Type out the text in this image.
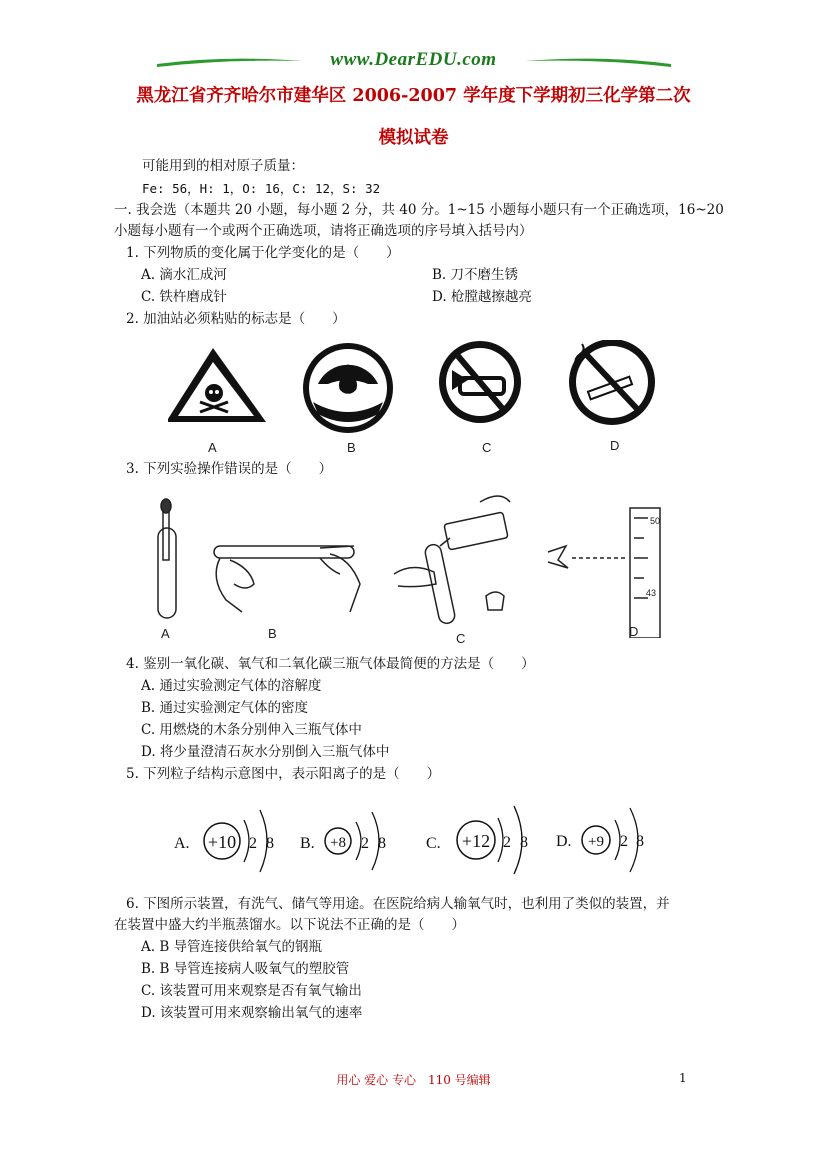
www.DearEDU.com
黑龙江省齐齐哈尔市建华区 2006-2007 学年度下学期初三化学第二次
模拟试卷
可能用到的相对原子质量：
Fe: 56，H: 1，O: 16，C: 12，S: 32
一. 我会选（本题共 20 小题，每小题 2 分，共 40 分。1~15 小题每小题只有一个正确选项，16~20
小题每小题有一个或两个正确选项，请将正确选项的序号填入括号内）
1. 下列物质的变化属于化学变化的是（　　）
A. 滴水汇成河	B. 刀不磨生锈
C. 铁杵磨成针	D. 枪膛越擦越亮
2. 加油站必须粘贴的标志是（　　）
A	B	C	D
3. 下列实验操作错误的是（　　）
50
43
A	B	C	D
4. 鉴别一氧化碳、氧气和二氧化碳三瓶气体最简便的方法是（　　）
A. 通过实验测定气体的溶解度
B. 通过实验测定气体的密度
C. 用燃烧的木条分别伸入三瓶气体中
D. 将少量澄清石灰水分别倒入三瓶气体中
5. 下列粒子结构示意图中，表示阳离子的是（　　）
A. +10 2 8 B. +8 2 8	C. +12 2 8 D. +9 2 8
6. 下图所示装置，有洗气、储气等用途。在医院给病人输氧气时，也利用了类似的装置，并
在装置中盛大约半瓶蒸馏水。以下说法不正确的是（　　）
A. B 导管连接供给氧气的钢瓶
B. B 导管连接病人吸氧气的塑胶管
C. 该装置可用来观察是否有氧气输出
D. 该装置可用来观察输出氧气的速率
用心 爱心 专心　110 号编辑	1
